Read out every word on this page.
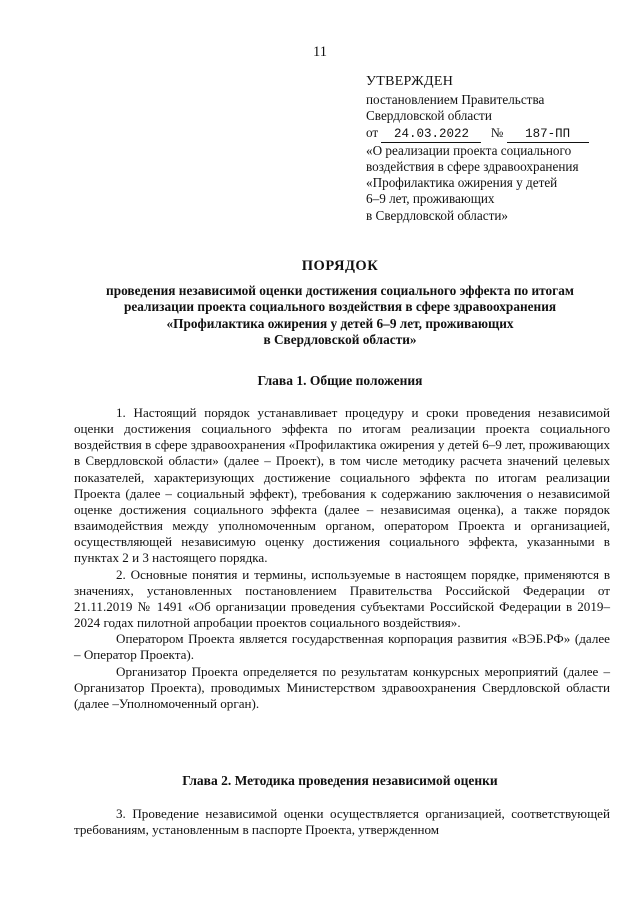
11
УТВЕРЖДЕН
постановлением Правительства
Свердловской области
от 24.03.2022 № 187-ПП
«О реализации проекта социального
воздействия в сфере здравоохранения
«Профилактика ожирения у детей
6–9 лет, проживающих
в Свердловской области»
ПОРЯДОК
проведения независимой оценки достижения социального эффекта по итогам
реализации проекта социального воздействия в сфере здравоохранения
«Профилактика ожирения у детей 6–9 лет, проживающих
в Свердловской области»
Глава 1. Общие положения

1. Настоящий порядок устанавливает процедуру и сроки проведения независимой оценки достижения социального эффекта по итогам реализации проекта социального воздействия в сфере здравоохранения «Профилактика ожирения у детей 6–9 лет, проживающих в Свердловской области» (далее – Проект), в том числе методику расчета значений целевых показателей, характеризующих достижение социального эффекта по итогам реализации Проекта (далее – социальный эффект), требования к содержанию заключения о независимой оценке достижения социального эффекта (далее – независимая оценка), а также порядок взаимодействия между уполномоченным органом, оператором Проекта и организацией, осуществляющей независимую оценку достижения социального эффекта, указанными в пунктах 2 и 3 настоящего порядка.

2. Основные понятия и термины, используемые в настоящем порядке, применяются в значениях, установленных постановлением Правительства Российской Федерации от 21.11.2019 № 1491 «Об организации проведения субъектами Российской Федерации в 2019–2024 годах пилотной апробации проектов социального воздействия».

Оператором Проекта является государственная корпорация развития «ВЭБ.РФ» (далее – Оператор Проекта).

Организатор Проекта определяется по результатам конкурсных мероприятий (далее – Организатор Проекта), проводимых Министерством здравоохранения Свердловской области (далее –Уполномоченный орган).

Глава 2. Методика проведения независимой оценки

3. Проведение независимой оценки осуществляется организацией, соответствующей требованиям, установленным в паспорте Проекта, утвержденном
